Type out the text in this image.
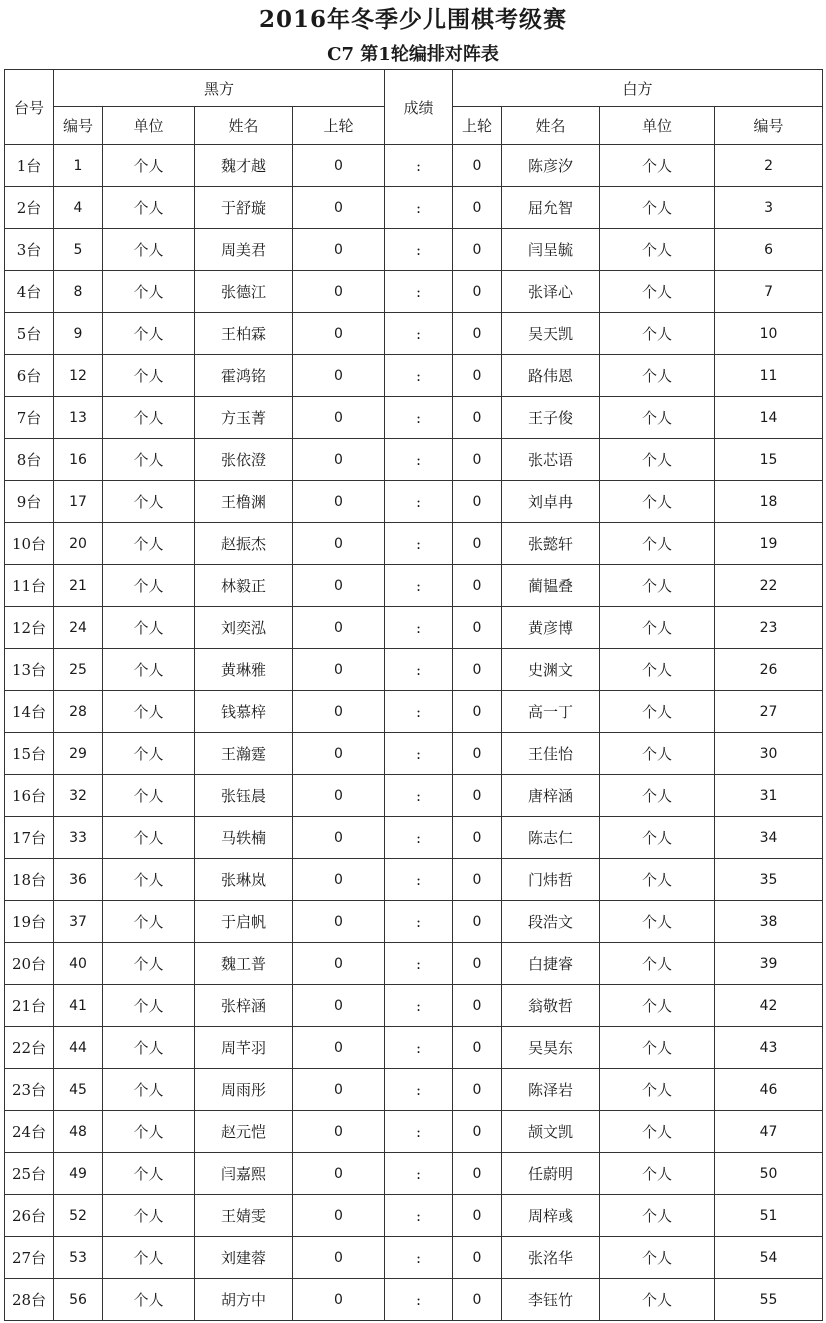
2016年冬季少儿围棋考级赛
C7 第1轮编排对阵表
台号	黑方				成绩	白方			
	编号	单位	姓名	上轮		上轮	姓名	单位	编号
1台	1	个人	魏才越	0	:	0	陈彦汐	个人	2
2台	4	个人	于舒璇	0	:	0	屈允智	个人	3
3台	5	个人	周美君	0	:	0	闫呈毓	个人	6
4台	8	个人	张德江	0	:	0	张译心	个人	7
5台	9	个人	王柏霖	0	:	0	吴天凯	个人	10
6台	12	个人	霍鸿铭	0	:	0	路伟恩	个人	11
7台	13	个人	方玉菁	0	:	0	王子俊	个人	14
8台	16	个人	张依澄	0	:	0	张芯语	个人	15
9台	17	个人	王橹渊	0	:	0	刘卓冉	个人	18
10台	20	个人	赵振杰	0	:	0	张懿轩	个人	19
11台	21	个人	林毅正	0	:	0	蔺韫叠	个人	22
12台	24	个人	刘奕泓	0	:	0	黄彦博	个人	23
13台	25	个人	黄琳雅	0	:	0	史渊文	个人	26
14台	28	个人	钱慕梓	0	:	0	高一丁	个人	27
15台	29	个人	王瀚霆	0	:	0	王佳怡	个人	30
16台	32	个人	张钰晨	0	:	0	唐梓涵	个人	31
17台	33	个人	马轶楠	0	:	0	陈志仁	个人	34
18台	36	个人	张琳岚	0	:	0	门炜哲	个人	35
19台	37	个人	于启帆	0	:	0	段浩文	个人	38
20台	40	个人	魏工普	0	:	0	白捷睿	个人	39
21台	41	个人	张梓涵	0	:	0	翁敬哲	个人	42
22台	44	个人	周芊羽	0	:	0	吴昊东	个人	43
23台	45	个人	周雨彤	0	:	0	陈泽岩	个人	46
24台	48	个人	赵元恺	0	:	0	颉文凯	个人	47
25台	49	个人	闫嘉熙	0	:	0	任蔚明	个人	50
26台	52	个人	王婧雯	0	:	0	周梓彧	个人	51
27台	53	个人	刘建蓉	0	:	0	张洺华	个人	54
28台	56	个人	胡方中	0	:	0	李钰竹	个人	55
